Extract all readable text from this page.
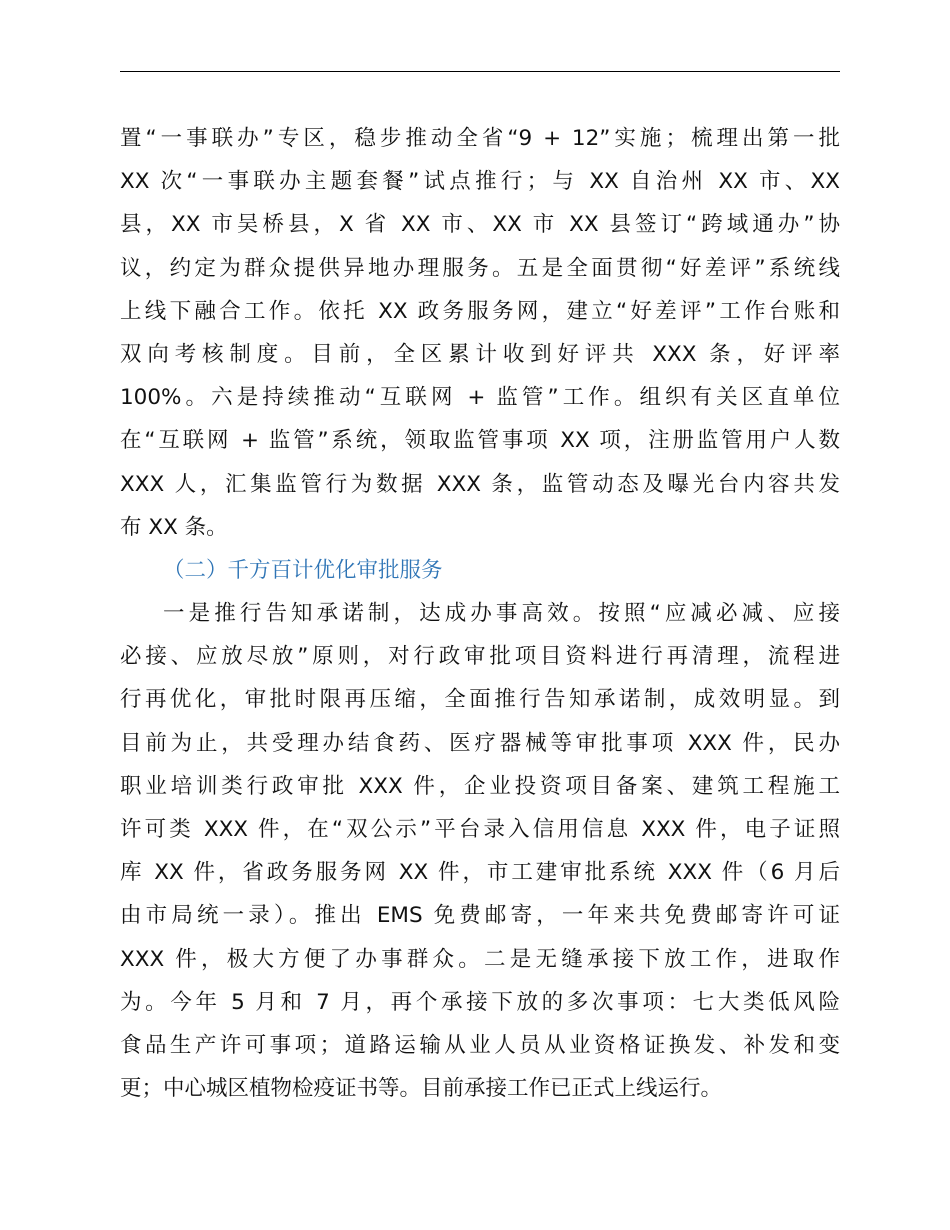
置“一事联办”专区，稳步推动全省“9 + 12”实施；梳理出第一批
XX 次“一事联办主题套餐”试点推行；与 XX 自治州 XX 市、XX
县，XX 市吴桥县，X 省 XX 市、XX 市 XX 县签订“跨域通办”协
议，约定为群众提供异地办理服务。五是全面贯彻“好差评”系统线
上线下融合工作。依托 XX 政务服务网，建立“好差评”工作台账和
双向考核制度。目前，全区累计收到好评共 XXX 条，好评率
100%。六是持续推动“互联网 + 监管”工作。组织有关区直单位
在“互联网 + 监管”系统，领取监管事项 XX 项，注册监管用户人数
XXX 人，汇集监管行为数据 XXX 条，监管动态及曝光台内容共发
布 XX 条。
（二）千方百计优化审批服务
一是推行告知承诺制，达成办事高效。按照“应减必减、应接
必接、应放尽放”原则，对行政审批项目资料进行再清理，流程进
行再优化，审批时限再压缩，全面推行告知承诺制，成效明显。到
目前为止，共受理办结食药、医疗器械等审批事项 XXX 件，民办
职业培训类行政审批 XXX 件，企业投资项目备案、建筑工程施工
许可类 XXX 件，在“双公示”平台录入信用信息 XXX 件，电子证照
库 XX 件，省政务服务网 XX 件，市工建审批系统 XXX 件（6 月后
由市局统一录）。推出 EMS 免费邮寄，一年来共免费邮寄许可证
XXX 件，极大方便了办事群众。二是无缝承接下放工作，进取作
为。今年 5 月和 7 月，再个承接下放的多次事项：七大类低风险
食品生产许可事项；道路运输从业人员从业资格证换发、补发和变
更；中心城区植物检疫证书等。目前承接工作已正式上线运行。
